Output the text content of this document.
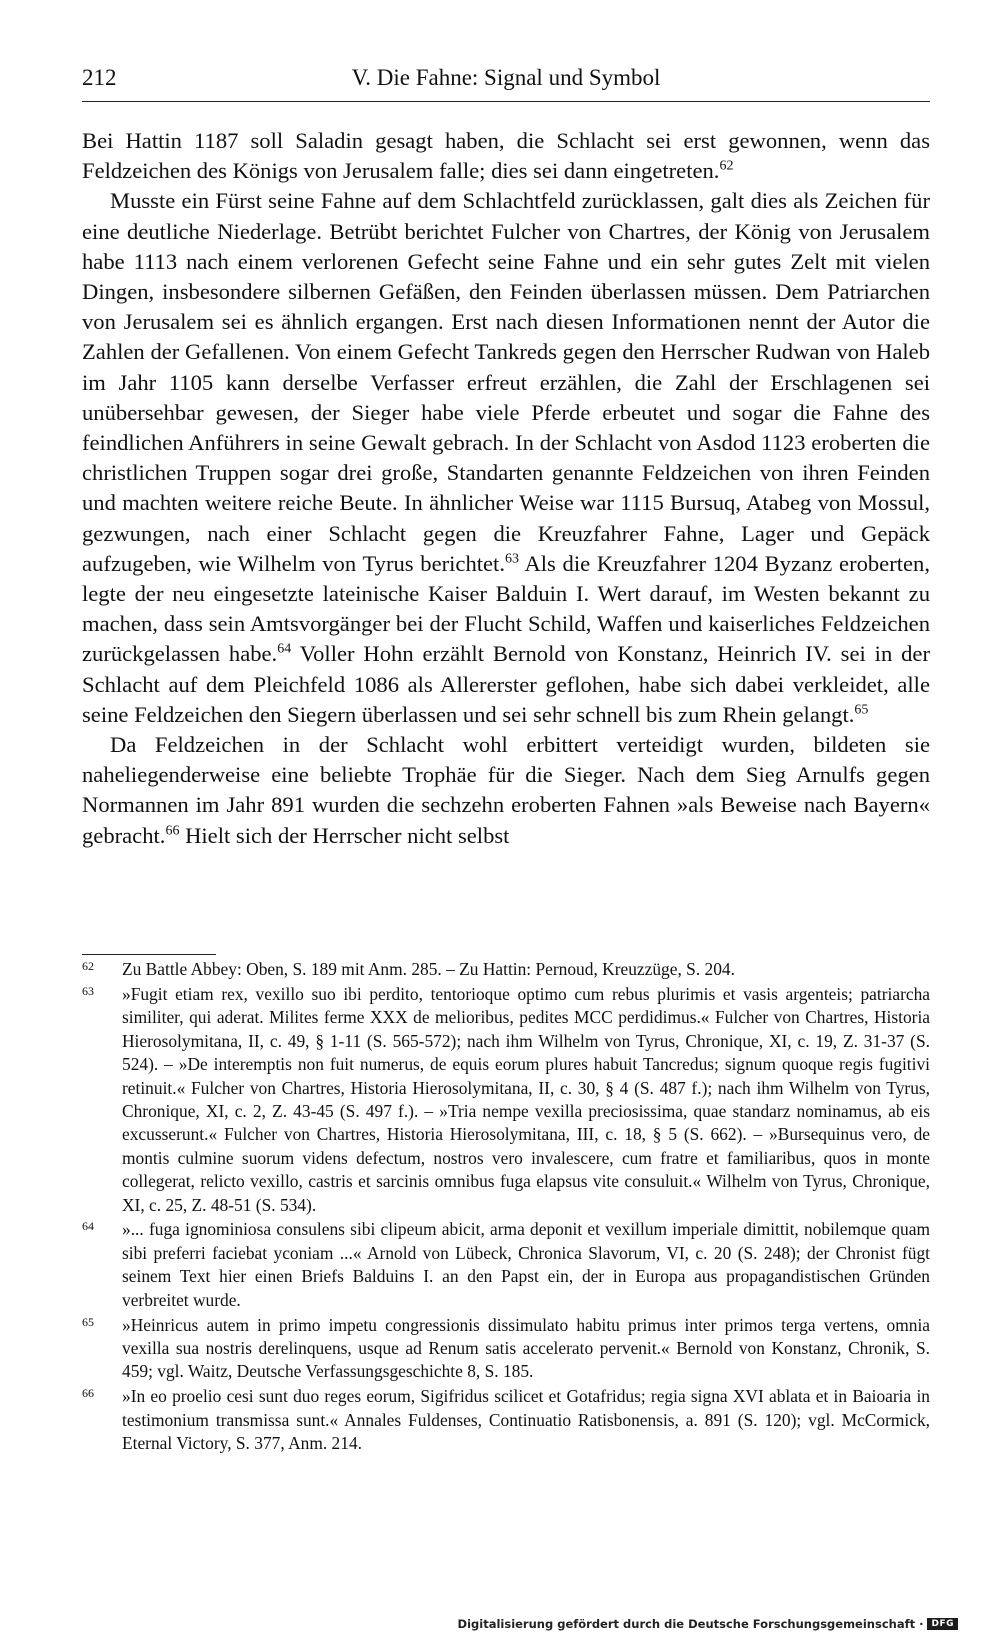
212	V. Die Fahne: Signal und Symbol

Bei Hattin 1187 soll Saladin gesagt haben, die Schlacht sei erst gewonnen, wenn das Feldzeichen des Königs von Jerusalem falle; dies sei dann eingetreten.$^{62}$

Musste ein Fürst seine Fahne auf dem Schlachtfeld zurücklassen, galt dies als Zeichen für eine deutliche Niederlage. Betrübt berichtet Fulcher von Chartres, der König von Jerusalem habe 1113 nach einem verlorenen Gefecht seine Fahne und ein sehr gutes Zelt mit vielen Dingen, insbesondere silbernen Gefäßen, den Feinden überlassen müssen. Dem Patriarchen von Jerusalem sei es ähnlich ergangen. Erst nach diesen Informationen nennt der Autor die Zahlen der Gefallenen. Von einem Gefecht Tankreds gegen den Herrscher Rudwan von Haleb im Jahr 1105 kann derselbe Verfasser erfreut erzählen, die Zahl der Erschlagenen sei unübersehbar gewesen, der Sieger habe viele Pferde erbeutet und sogar die Fahne des feindlichen Anführers in seine Gewalt gebrach. In der Schlacht von Asdod 1123 eroberten die christlichen Truppen sogar drei große, Standarten genannte Feldzeichen von ihren Feinden und machten weitere reiche Beute. In ähnlicher Weise war 1115 Bursuq, Atabeg von Mossul, gezwungen, nach einer Schlacht gegen die Kreuzfahrer Fahne, Lager und Gepäck aufzugeben, wie Wilhelm von Tyrus berichtet.$^{63}$ Als die Kreuzfahrer 1204 Byzanz eroberten, legte der neu eingesetzte lateinische Kaiser Balduin I. Wert darauf, im Westen bekannt zu machen, dass sein Amtsvorgänger bei der Flucht Schild, Waffen und kaiserliches Feldzeichen zurückgelassen habe.$^{64}$ Voller Hohn erzählt Bernold von Konstanz, Heinrich IV. sei in der Schlacht auf dem Pleichfeld 1086 als Allererster geflohen, habe sich dabei verkleidet, alle seine Feldzeichen den Siegern überlassen und sei sehr schnell bis zum Rhein gelangt.$^{65}$

Da Feldzeichen in der Schlacht wohl erbittert verteidigt wurden, bildeten sie naheliegenderweise eine beliebte Trophäe für die Sieger. Nach dem Sieg Arnulfs gegen Normannen im Jahr 891 wurden die sechzehn eroberten Fahnen »als Beweise nach Bayern« gebracht.$^{66}$ Hielt sich der Herrscher nicht selbst

62 Zu Battle Abbey: Oben, S. 189 mit Anm. 285. – Zu Hattin: Pernoud, Kreuzzüge, S. 204.
63 »Fugit etiam rex, vexillo suo ibi perdito, tentorioque optimo cum rebus plurimis et vasis argenteis; patriarcha similiter, qui aderat. Milites ferme XXX de melioribus, pedites MCC perdidimus.« Fulcher von Chartres, Historia Hierosolymitana, II, c. 49, § 1-11 (S. 565-572); nach ihm Wilhelm von Tyrus, Chronique, XI, c. 19, Z. 31-37 (S. 524). – »De interemptis non fuit numerus, de equis eorum plures habuit Tancredus; signum quoque regis fugitivi retinuit.« Fulcher von Chartres, Historia Hierosolymitana, II, c. 30, § 4 (S. 487 f.); nach ihm Wilhelm von Tyrus, Chronique, XI, c. 2, Z. 43-45 (S. 497 f.). – »Tria nempe vexilla preciosissima, quae standarz nominamus, ab eis excusserunt.« Fulcher von Chartres, Historia Hierosolymitana, III, c. 18, § 5 (S. 662). – »Bursequinus vero, de montis culmine suorum videns defectum, nostros vero invalescere, cum fratre et familiaribus, quos in monte collegerat, relicto vexillo, castris et sarcinis omnibus fuga elapsus vite consuluit.« Wilhelm von Tyrus, Chronique, XI, c. 25, Z. 48-51 (S. 534).
64 »... fuga ignominiosa consulens sibi clipeum abicit, arma deponit et vexillum imperiale dimittit, nobilemque quam sibi preferri faciebat yconiam ...« Arnold von Lübeck, Chronica Slavorum, VI, c. 20 (S. 248); der Chronist fügt seinem Text hier einen Briefs Balduins I. an den Papst ein, der in Europa aus propagandistischen Gründen verbreitet wurde.
65 »Heinricus autem in primo impetu congressionis dissimulato habitu primus inter primos terga vertens, omnia vexilla sua nostris derelinquens, usque ad Renum satis accelerato pervenit.« Bernold von Konstanz, Chronik, S. 459; vgl. Waitz, Deutsche Verfassungsgeschichte 8, S. 185.
66 »In eo proelio cesi sunt duo reges eorum, Sigifridus scilicet et Gotafridus; regia signa XVI ablata et in Baioaria in testimonium transmissa sunt.« Annales Fuldenses, Continuatio Ratisbonensis, a. 891 (S. 120); vgl. McCormick, Eternal Victory, S. 377, Anm. 214.
Digitalisierung gefördert durch die Deutsche Forschungsgemeinschaft · DFG
